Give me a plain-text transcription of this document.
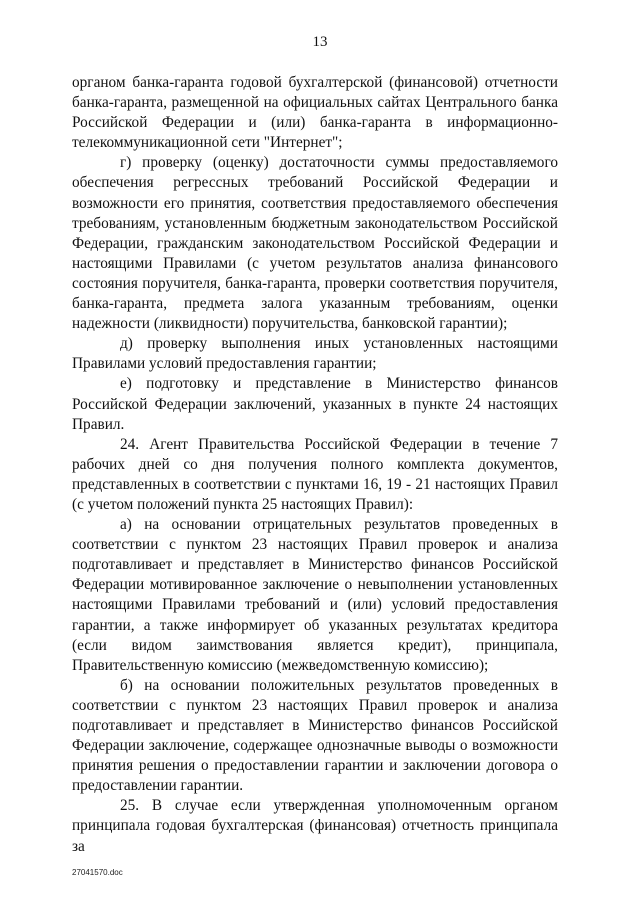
13

органом банка-гаранта годовой бухгалтерской (финансовой) отчетности банка-гаранта, размещенной на официальных сайтах Центрального банка Российской Федерации и (или) банка-гаранта в информационно-телекоммуникационной сети "Интернет";

г) проверку (оценку) достаточности суммы предоставляемого обеспечения регрессных требований Российской Федерации и возможности его принятия, соответствия предоставляемого обеспечения требованиям, установленным бюджетным законодательством Российской Федерации, гражданским законодательством Российской Федерации и настоящими Правилами (с учетом результатов анализа финансового состояния поручителя, банка-гаранта, проверки соответствия поручителя, банка-гаранта, предмета залога указанным требованиям, оценки надежности (ликвидности) поручительства, банковской гарантии);

д) проверку выполнения иных установленных настоящими Правилами условий предоставления гарантии;

е) подготовку и представление в Министерство финансов Российской Федерации заключений, указанных в пункте 24 настоящих Правил.

24. Агент Правительства Российской Федерации в течение 7 рабочих дней со дня получения полного комплекта документов, представленных в соответствии с пунктами 16, 19 - 21 настоящих Правил (с учетом положений пункта 25 настоящих Правил):

а) на основании отрицательных результатов проведенных в соответствии с пунктом 23 настоящих Правил проверок и анализа подготавливает и представляет в Министерство финансов Российской Федерации мотивированное заключение о невыполнении установленных настоящими Правилами требований и (или) условий предоставления гарантии, а также информирует об указанных результатах кредитора (если видом заимствования является кредит), принципала, Правительственную комиссию (межведомственную комиссию);

б) на основании положительных результатов проведенных в соответствии с пунктом 23 настоящих Правил проверок и анализа подготавливает и представляет в Министерство финансов Российской Федерации заключение, содержащее однозначные выводы о возможности принятия решения о предоставлении гарантии и заключении договора о предоставлении гарантии.

25. В случае если утвержденная уполномоченным органом принципала годовая бухгалтерская (финансовая) отчетность принципала за

27041570.doc
